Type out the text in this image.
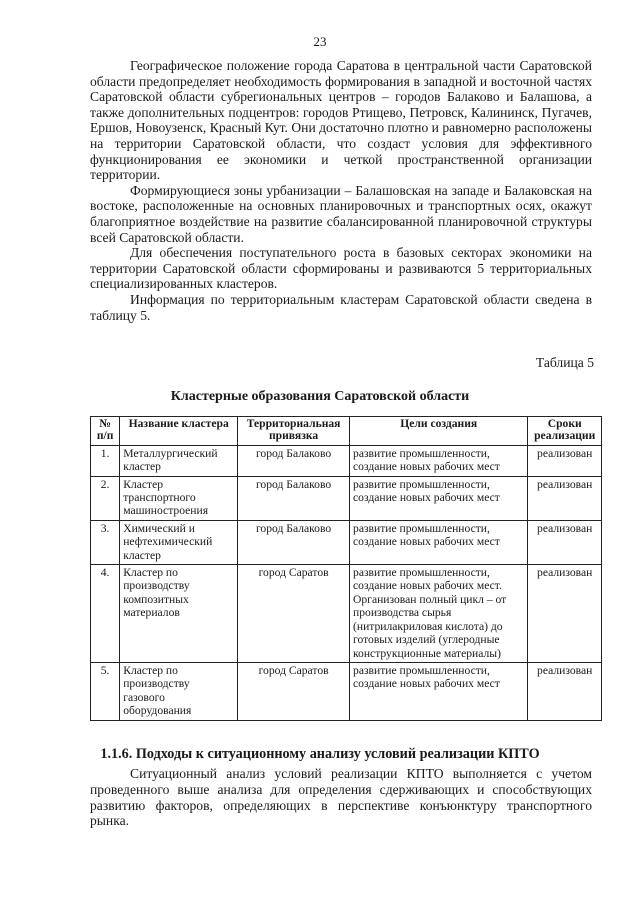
23

Географическое положение города Саратова в центральной части Саратовской области предопределяет необходимость формирования в западной и восточной частях Саратовской области субрегиональных центров – городов Балаково и Балашова, а также дополнительных подцентров: городов Ртищево, Петровск, Калининск, Пугачев, Ершов, Новоузенск, Красный Кут. Они достаточно плотно и равномерно расположены на территории Саратовской области, что создаст условия для эффективного функционирования ее экономики и четкой пространственной организации территории.

Формирующиеся зоны урбанизации – Балашовская на западе и Балаковская на востоке, расположенные на основных планировочных и транспортных осях, окажут благоприятное воздействие на развитие сбалансированной планировочной структуры всей Саратовской области.

Для обеспечения поступательного роста в базовых секторах экономики на территории Саратовской области сформированы и развиваются 5 территориальных специализированных кластеров.

Информация по территориальным кластерам Саратовской области сведена в таблицу 5.

Таблица 5
Кластерные образования Саратовской области
№ п/п	Название кластера	Территориальная привязка	Цели создания	Сроки реализации
1.	Металлургический кластер	город Балаково	развитие промышленности, создание новых рабочих мест	реализован
2.	Кластер транспортного машиностроения	город Балаково	развитие промышленности, создание новых рабочих мест	реализован
3.	Химический и нефтехимический кластер	город Балаково	развитие промышленности, создание новых рабочих мест	реализован
4.	Кластер по производству композитных материалов	город Саратов	развитие промышленности, создание новых рабочих мест. Организован полный цикл – от производства сырья (нитрилакриловая кислота) до готовых изделий (углеродные конструкционные материалы)	реализован
5.	Кластер по производству газового оборудования	город Саратов	развитие промышленности, создание новых рабочих мест	реализован
1.1.6. Подходы к ситуационному анализу условий реализации КПТО

Ситуационный анализ условий реализации КПТО выполняется с учетом проведенного выше анализа для определения сдерживающих и способствующих развитию факторов, определяющих в перспективе конъюнктуру транспортного рынка.
